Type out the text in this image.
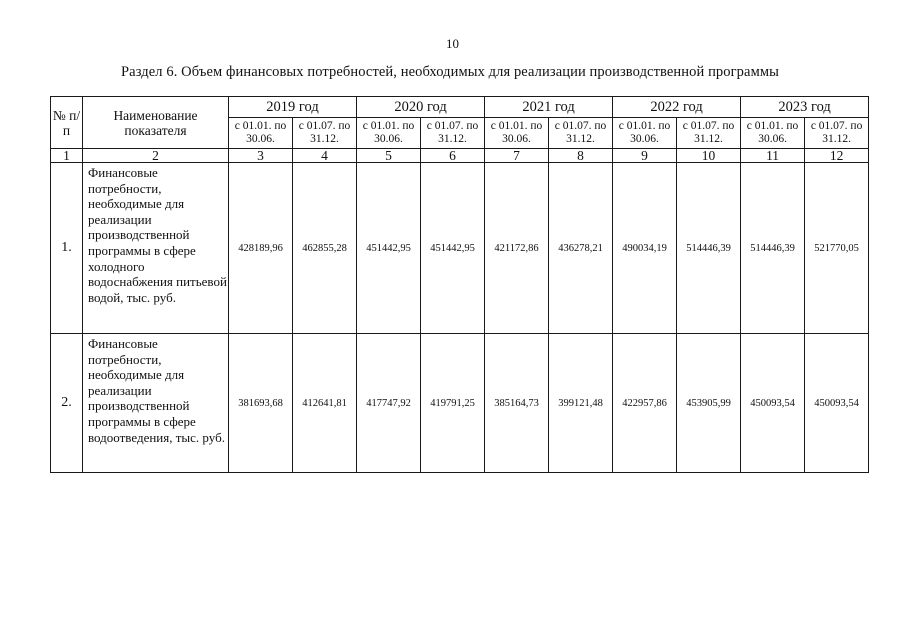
10
Раздел 6. Объем финансовых потребностей, необходимых для реализации производственной программы
№ п/п	Наименование показателя	2019 год		2020 год		2021 год		2022 год		2023 год	
		с 01.01. по 30.06.	с 01.07. по 31.12.	с 01.01. по 30.06.	с 01.07. по 31.12.	с 01.01. по 30.06.	с 01.07. по 31.12.	с 01.01. по 30.06.	с 01.07. по 31.12.	с 01.01. по 30.06.	с 01.07. по 31.12.
1	2	3	4	5	6	7	8	9	10	11	12
1.	Финансовые потребности, необходимые для реализации производственной программы в сфере холодного водоснабжения питьевой водой, тыс. руб.	428189,96	462855,28	451442,95	451442,95	421172,86	436278,21	490034,19	514446,39	514446,39	521770,05
2.	Финансовые потребности, необходимые для реализации производственной программы в сфере водоотведения, тыс. руб.	381693,68	412641,81	417747,92	419791,25	385164,73	399121,48	422957,86	453905,99	450093,54	450093,54
